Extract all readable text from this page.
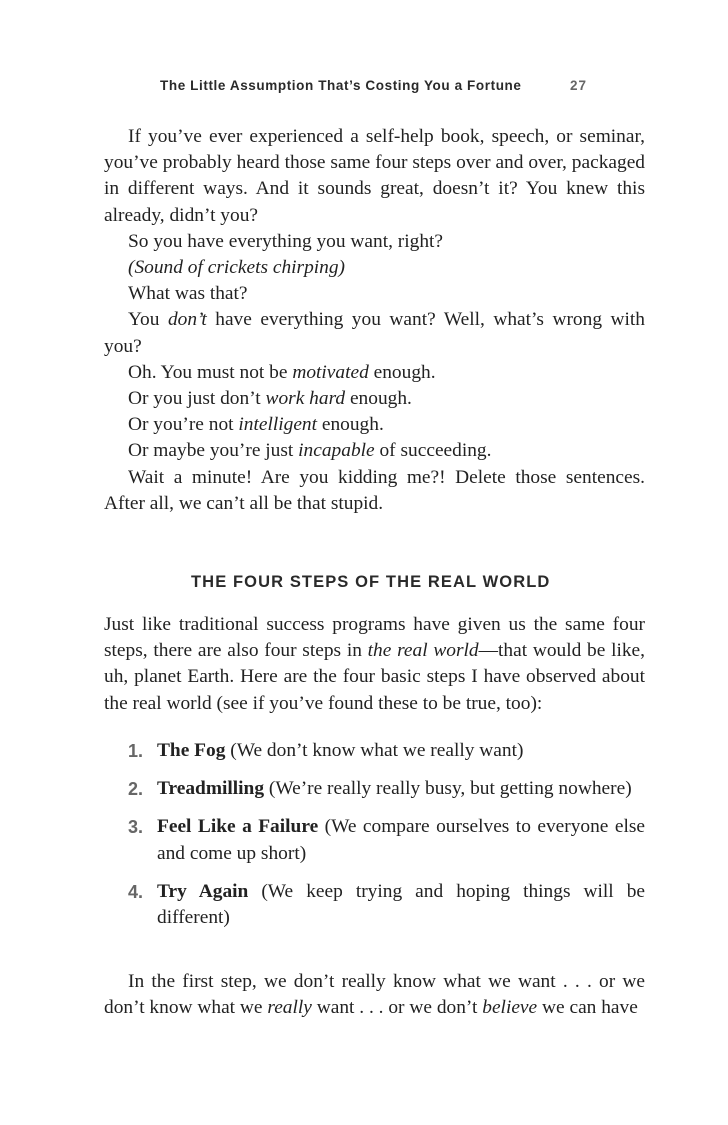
The Little Assumption That’s Costing You a Fortune	27

If you’ve ever experienced a self-help book, speech, or seminar, you’ve probably heard those same four steps over and over, packaged in different ways. And it sounds great, doesn’t it? You knew this already, didn’t you?

So you have everything you want, right?

(Sound of crickets chirping)

What was that?

You don’t have everything you want? Well, what’s wrong with you?

Oh. You must not be motivated enough.

Or you just don’t work hard enough.

Or you’re not intelligent enough.

Or maybe you’re just incapable of succeeding.

Wait a minute! Are you kidding me?! Delete those sentences. After all, we can’t all be that stupid.

THE FOUR STEPS OF THE REAL WORLD

Just like traditional success programs have given us the same four steps, there are also four steps in the real world—that would be like, uh, planet Earth. Here are the four basic steps I have observed about the real world (see if you’ve found these to be true, too):

1. The Fog (We don’t know what we really want)
2. Treadmilling (We’re really really busy, but getting nowhere)
3. Feel Like a Failure (We compare ourselves to everyone else and come up short)
4. Try Again (We keep trying and hoping things will be different)

In the first step, we don’t really know what we want . . . or we don’t know what we really want . . . or we don’t believe we can have
